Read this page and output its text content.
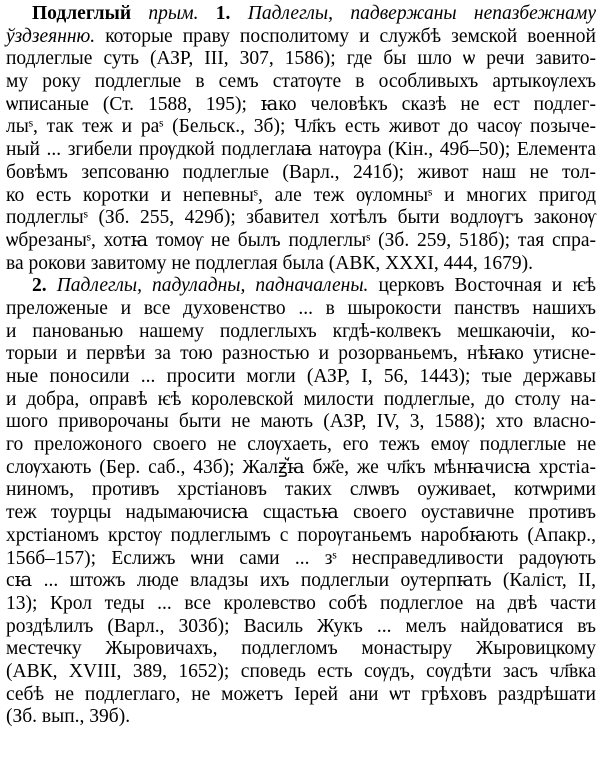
Подлеглый прым. 1. Падлеглы, падвержаны непазбежнаму
ўздзеянню. которые праву посполитому и службѣ земской военной
подлеглые суть (АЗР, III, 307, 1586); где бы шло ѡ речи завито-
му року подлеглые в семъ статѹте в особливыхъ артыкѹлехъ
ѡписаные (Ст. 1588, 195); ꙗко человѣкъ сказѣ не ест подлег-
лыˢ, так теж и раˢ (Бельск., 3б); Чл҃къ есть живот до часѹ позыче-
ный ... згибели прѹдкой подлеглаꙗ натѹра (Кін., 49б–50); Елемента
бовѣмъ зепсованю подлеглые (Варл., 241б); живот наш не тол-
ко есть коротки и непевныˢ, але теж ѹломныˢ и многих пригод
подлеглыˢ (Зб. 255, 429б); збавител хотѣлъ быти водлѹгъ законѹ
ѡбрезаныˢ, хотꙗ томѹ не былъ подлеглыˢ (Зб. 259, 518б); тая спра-
ва рокови завитому не подлеглая была (АВК, XXXI, 444, 1679).
2. Падлеглы, падуладны, падначалены. церковъ Восточная и ѥѣ
преложеные и все духовенство ... в шырокости панствъ нашихъ
и панованью нашему подлеглыхъ кгдѣ-колвекъ мешкаючiи, ко-
торыи и первѣи за тою разностью и розорваньемъ, нѣꙗко утисне-
ныe поносили ... просити могли (АЗР, I, 56, 1443); тые державы
и добра, оправѣ ѥѣ королевской милости подлеглые, до столу на-
шого приворочаны быти не мають (АЗР, IV, 3, 1588); хто власно-
го преложоного своего не слѹхаеть, его тежъ емѹ подлеглые не
слѹхають (Бер. саб., 43б); Жалꙃ꙽ꙗ бж҃е, же чл҃къ мѣнꙗчисꙗ хрстiа-
ниномъ, противъ хрстiановъ таких слѡвъ оуживаеt, котѡрими
теж тоурцы надымаючисꙗ сщастьꙗ своего оуставичне противъ
хрстiаномъ крстѹ подлеглымъ с порѹганьемъ наробꙗють (Апакр.,
156б–157); Еслижъ ѡни сами ... зˢ несправедливости радѹють
сꙗ ... штожъ люде владзы ихъ подлеглыи оутерпꙗть (Каліст, II,
13); Крол теды ... все кролевство собѣ подлеглое на двѣ части
роздѣлилъ (Варл., 303б); Василь Жукъ ... мелъ найдоватися въ
местечку Жыровичахъ, подлегломъ монастыру Жыровицкому
(АВК, XVIII, 389, 1652); споведь есть сѹдъ, сѹдѣти засъ чл҃вка
себѣ не подлеглаго, не можетъ Iерей ани ѡт грѣховъ раздрѣшати
(Зб. вып., 39б).
